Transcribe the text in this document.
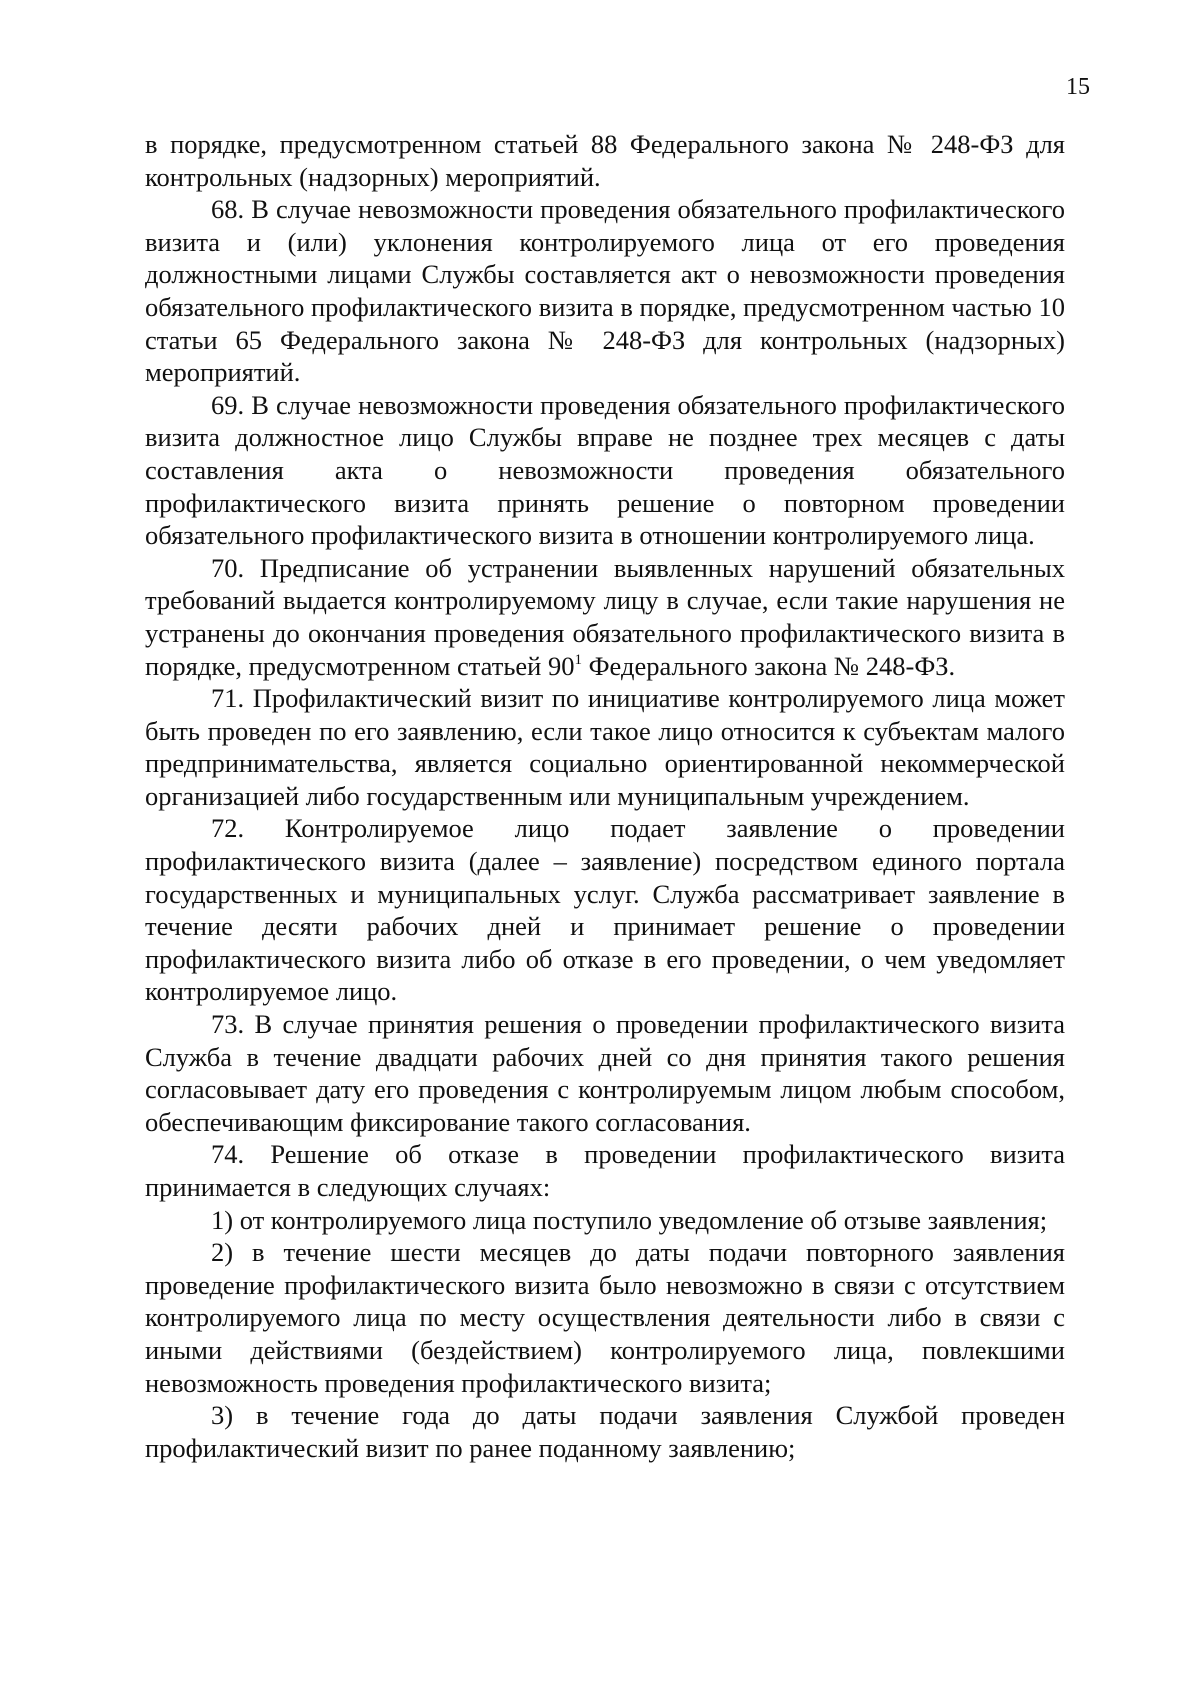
15

в порядке, предусмотренном статьей 88 Федерального закона № 248-ФЗ для контрольных (надзорных) мероприятий.

68. В случае невозможности проведения обязательного профилактического визита и (или) уклонения контролируемого лица от его проведения должностными лицами Службы составляется акт о невозможности проведения обязательного профилактического визита в порядке, предусмотренном частью 10 статьи 65 Федерального закона № 248-ФЗ для контрольных (надзорных) мероприятий.

69. В случае невозможности проведения обязательного профилактического визита должностное лицо Службы вправе не позднее трех месяцев с даты составления акта о невозможности проведения обязательного профилактического визита принять решение о повторном проведении обязательного профилактического визита в отношении контролируемого лица.

70. Предписание об устранении выявленных нарушений обязательных требований выдается контролируемому лицу в случае, если такие нарушения не устранены до окончания проведения обязательного профилактического визита в порядке, предусмотренном статьей $90^1$ Федерального закона № 248-ФЗ.

71. Профилактический визит по инициативе контролируемого лица может быть проведен по его заявлению, если такое лицо относится к субъектам малого предпринимательства, является социально ориентированной некоммерческой организацией либо государственным или муниципальным учреждением.

72. Контролируемое лицо подает заявление о проведении профилактического визита (далее – заявление) посредством единого портала государственных и муниципальных услуг. Служба рассматривает заявление в течение десяти рабочих дней и принимает решение о проведении профилактического визита либо об отказе в его проведении, о чем уведомляет контролируемое лицо.

73. В случае принятия решения о проведении профилактического визита Служба в течение двадцати рабочих дней со дня принятия такого решения согласовывает дату его проведения с контролируемым лицом любым способом, обеспечивающим фиксирование такого согласования.

74. Решение об отказе в проведении профилактического визита принимается в следующих случаях:

1) от контролируемого лица поступило уведомление об отзыве заявления;

2) в течение шести месяцев до даты подачи повторного заявления проведение профилактического визита было невозможно в связи с отсутствием контролируемого лица по месту осуществления деятельности либо в связи с иными действиями (бездействием) контролируемого лица, повлекшими невозможность проведения профилактического визита;

3) в течение года до даты подачи заявления Службой проведен профилактический визит по ранее поданному заявлению;
